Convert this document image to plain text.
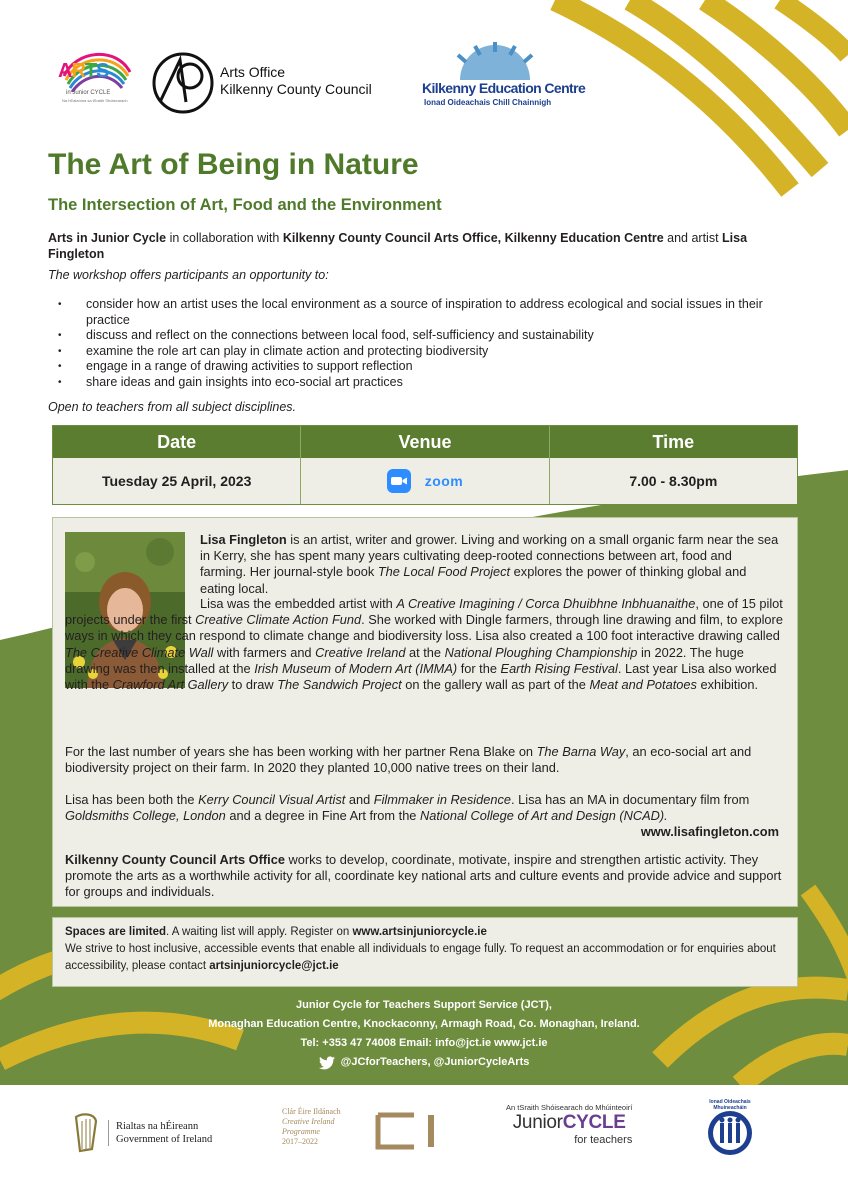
ARTS
in Junior CYCLE
Na hEalaíona sa tSraith Shóisearach
Arts Office
Kilkenny County Council	Kilkenny Education Centre
Ionad Oideachais Chill Chainnigh
The Art of Being in Nature
The Intersection of Art, Food and the Environment

Arts in Junior Cycle in collaboration with Kilkenny County Council Arts Office, Kilkenny Education Centre and artist Lisa Fingleton

The workshop offers participants an opportunity to:

• consider how an artist uses the local environment as a source of inspiration to address ecological and social issues in their practice
• discuss and reflect on the connections between local food, self-sufficiency and sustainability
• examine the role art can play in climate action and protecting biodiversity
• engage in a range of drawing activities to support reflection
• share ideas and gain insights into eco-social art practices

Open to teachers from all subject disciplines.

Date	Venue	Time
Tuesday 25 April, 2023	zoom	7.00 - 8.30pm

Lisa Fingleton is an artist, writer and grower. Living and working on a small organic farm near the sea in Kerry, she has spent many years cultivating deep-rooted connections between art, food and farming. Her journal-style book The Local Food Project explores the power of thinking global and eating local.

Lisa was the embedded artist with A Creative Imagining / Corca Dhuibhne Inbhuanaithe, one of 15 pilot projects under the first Creative Climate Action Fund. She worked with Dingle farmers, through line drawing and film, to explore ways in which they can respond to climate change and biodiversity loss. Lisa also created a 100 foot interactive drawing called The Creative Climate Wall with farmers and Creative Ireland at the National Ploughing Championship in 2022. The huge drawing was then installed at the Irish Museum of Modern Art (IMMA) for the Earth Rising Festival. Last year Lisa also worked with the Crawford Art Gallery to draw The Sandwich Project on the gallery wall as part of the Meat and Potatoes exhibition.

For the last number of years she has been working with her partner Rena Blake on The Barna Way, an eco-social art and biodiversity project on their farm. In 2020 they planted 10,000 native trees on their land.

Lisa has been both the Kerry Council Visual Artist and Filmmaker in Residence. Lisa has an MA in documentary film from Goldsmiths College, London and a degree in Fine Art from the National College of Art and Design (NCAD).

www.lisafingleton.com

Kilkenny County Council Arts Office works to develop, coordinate, motivate, inspire and strengthen artistic activity. They promote the arts as a worthwhile activity for all, coordinate key national arts and culture events and provide advice and support for groups and individuals.

Spaces are limited. A waiting list will apply. Register on www.artsinjuniorcycle.ie

We strive to host inclusive, accessible events that enable all individuals to engage fully. To request an accommodation or for enquiries about accessibility, please contact artsinjuniorcycle@jct.ie

Junior Cycle for Teachers Support Service (JCT),
Monaghan Education Centre, Knockaconny, Armagh Road, Co. Monaghan, Ireland.
Tel: +353 47 74008 Email: info@jct.ie www.jct.ie
@JCforTeachers, @JuniorCycleArts
Rialtas na hÉireann
Government of Ireland
Clár Éire Ildánach
Creative Ireland
Programme
2017–2022
An tSraith Shóisearach do Mhúinteoirí
JuniorCYCLE
for teachers
Ionad Oideachais Mhuineacháin
